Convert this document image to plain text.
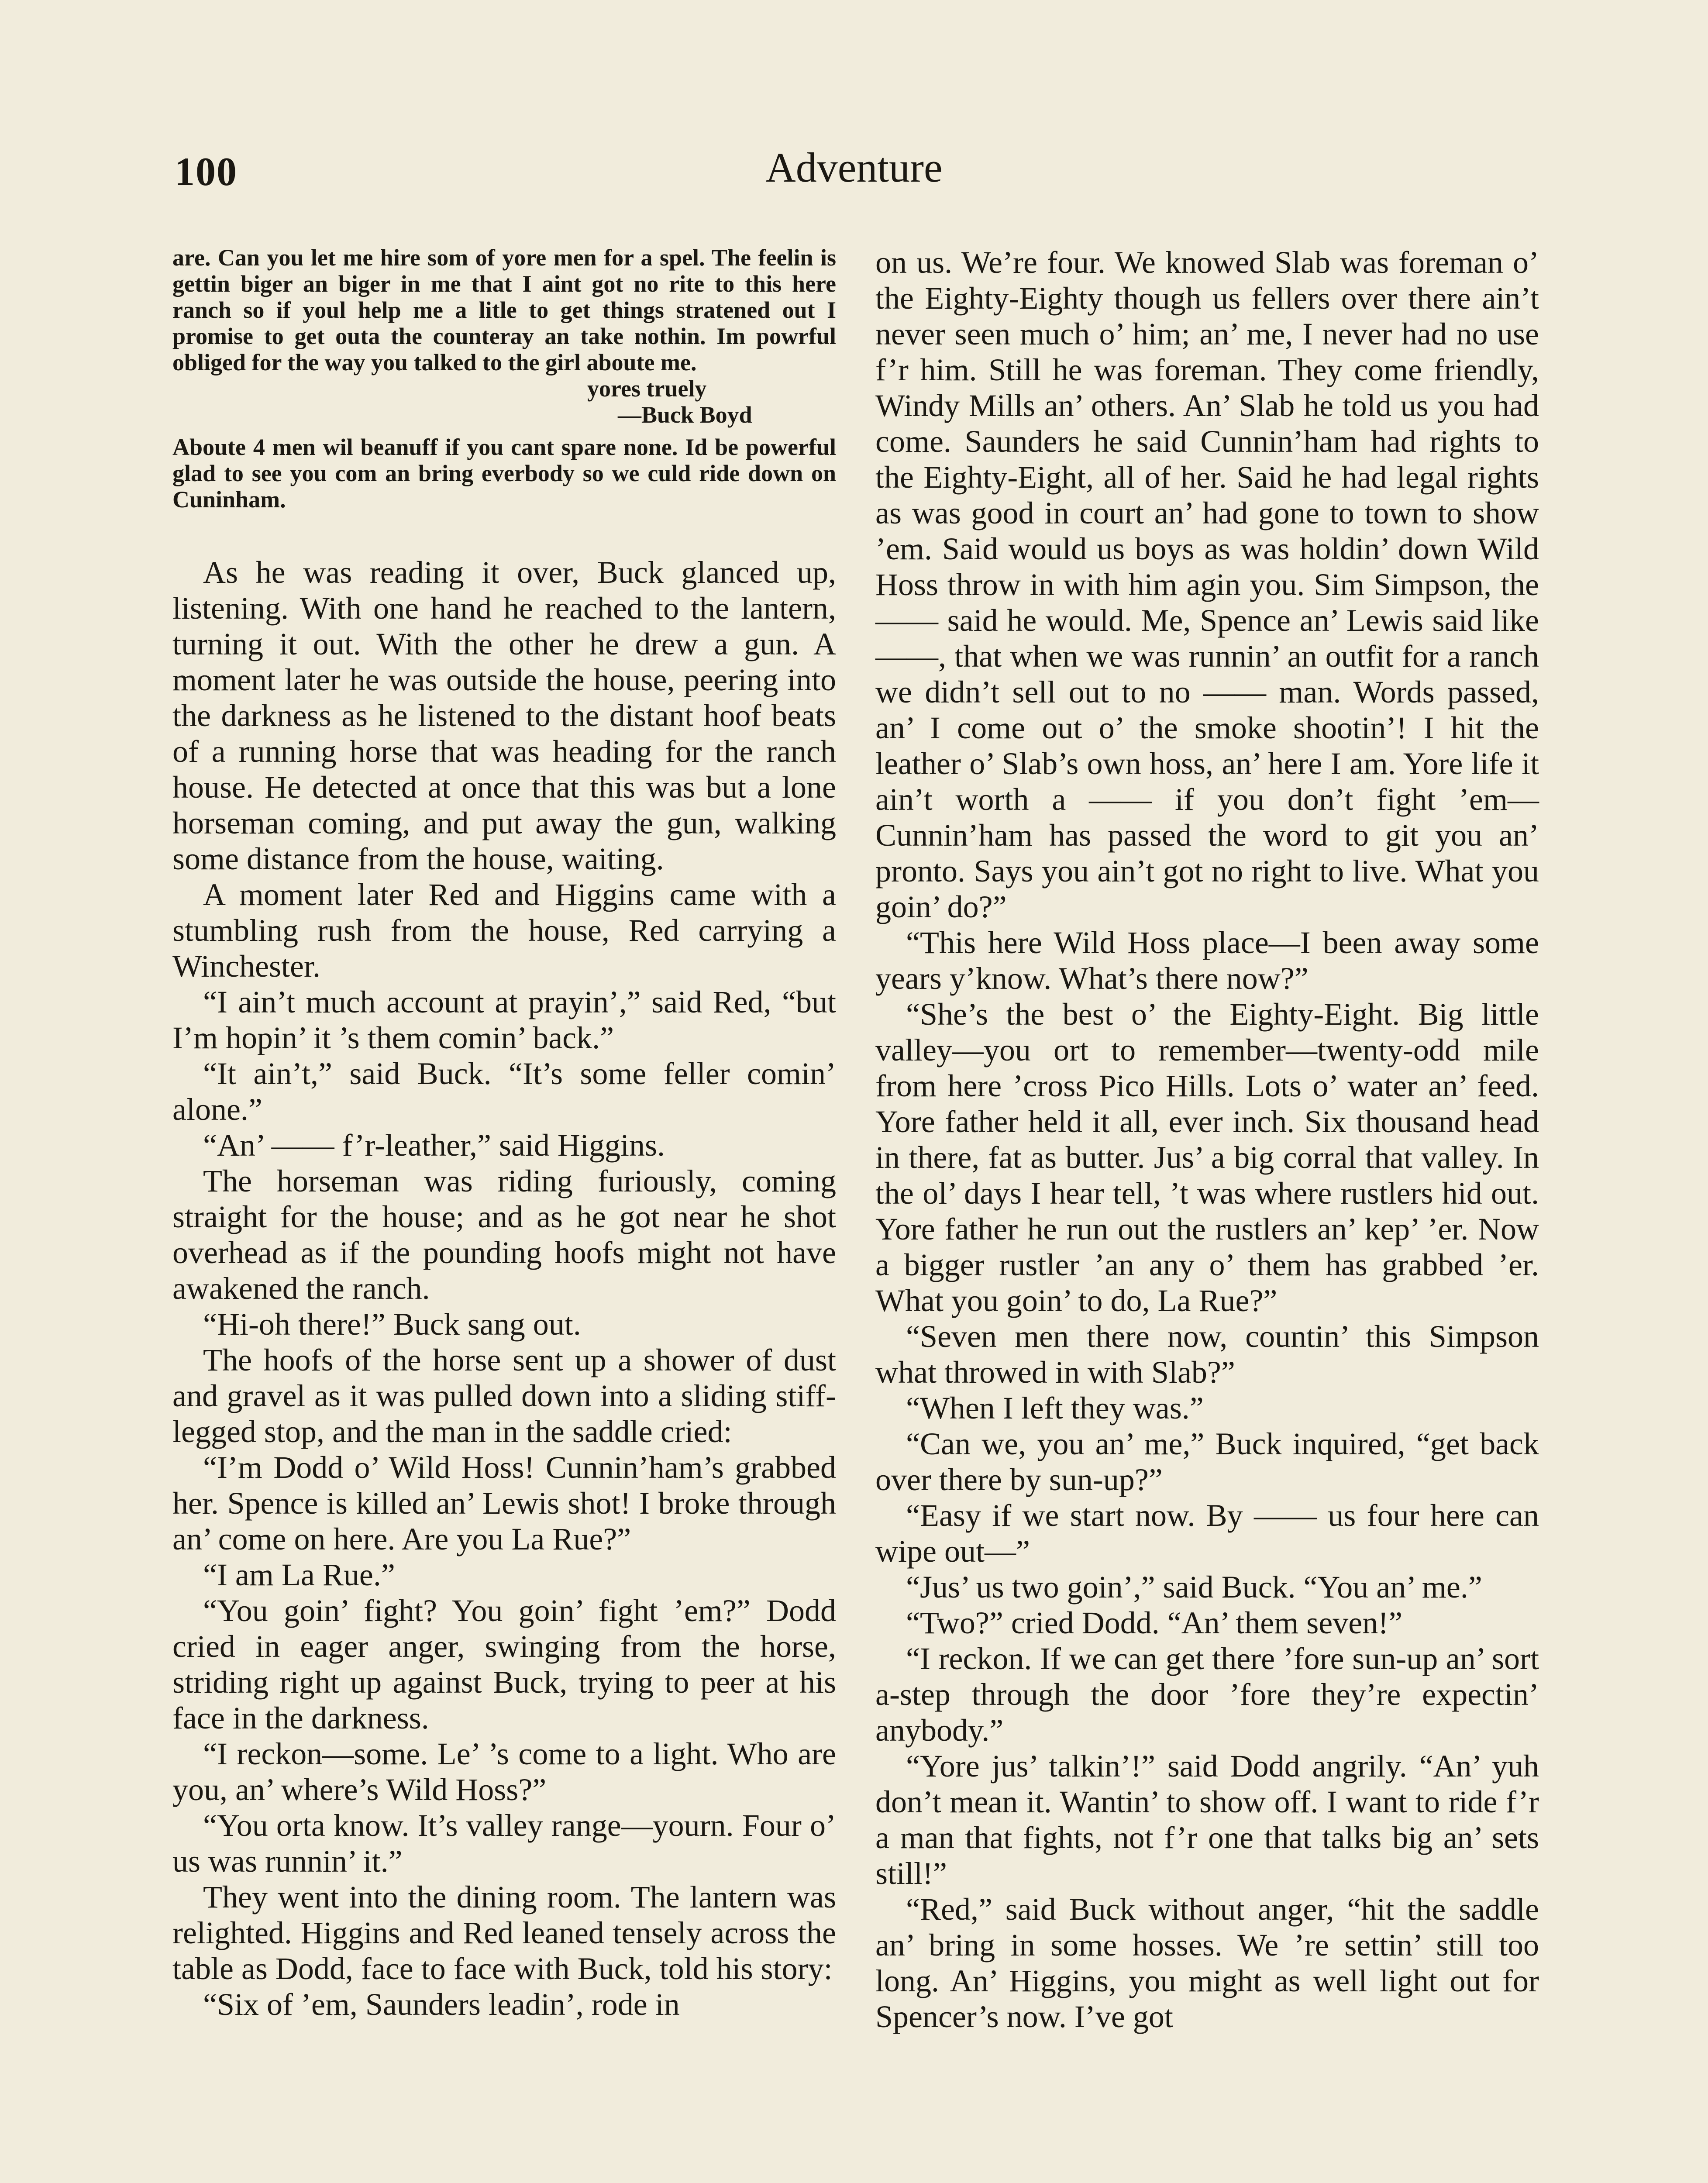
100	Adventure

are. Can you let me hire som of yore men for a spel. The feelin is gettin biger an biger in me that I aint got no rite to this here ranch so if youl help me a litle to get things stratened out I promise to get outa the counteray an take nothin. Im powrful obliged for the way you talked to the girl aboute me.

yores truely

—Buck Boyd

Aboute 4 men wil beanuff if you cant spare none. Id be powerful glad to see you com an bring everbody so we culd ride down on Cuninham.

As he was reading it over, Buck glanced up, listening. With one hand he reached to the lantern, turning it out. With the other he drew a gun. A moment later he was outside the house, peering into the darkness as he listened to the distant hoof beats of a running horse that was heading for the ranch house. He detected at once that this was but a lone horseman coming, and put away the gun, walking some distance from the house, waiting.

A moment later Red and Higgins came with a stumbling rush from the house, Red carrying a Winchester.

“I ain’t much account at prayin’,” said Red, “but I’m hopin’ it ’s them comin’ back.”

“It ain’t,” said Buck. “It’s some feller comin’ alone.”

“An’ —— f’r-leather,” said Higgins.

The horseman was riding furiously, coming straight for the house; and as he got near he shot overhead as if the pounding hoofs might not have awakened the ranch.

“Hi-oh there!” Buck sang out.

The hoofs of the horse sent up a shower of dust and gravel as it was pulled down into a sliding stiff-legged stop, and the man in the saddle cried:

“I’m Dodd o’ Wild Hoss! Cunnin’ham’s grabbed her. Spence is killed an’ Lewis shot! I broke through an’ come on here. Are you La Rue?”

“I am La Rue.”

“You goin’ fight? You goin’ fight ’em?” Dodd cried in eager anger, swinging from the horse, striding right up against Buck, trying to peer at his face in the darkness.

“I reckon—some. Le’ ’s come to a light. Who are you, an’ where’s Wild Hoss?”

“You orta know. It’s valley range—yourn. Four o’ us was runnin’ it.”

They went into the dining room. The lantern was relighted. Higgins and Red leaned tensely across the table as Dodd, face to face with Buck, told his story:

“Six of ’em, Saunders leadin’, rode in

on us. We’re four. We knowed Slab was foreman o’ the Eighty-Eighty though us fellers over there ain’t never seen much o’ him; an’ me, I never had no use f’r him. Still he was foreman. They come friendly, Windy Mills an’ others. An’ Slab he told us you had come. Saunders he said Cunnin’ham had rights to the Eighty-Eight, all of her. Said he had legal rights as was good in court an’ had gone to town to show ’em. Said would us boys as was holdin’ down Wild Hoss throw in with him agin you. Sim Simpson, the —— said he would. Me, Spence an’ Lewis said like ——, that when we was runnin’ an outfit for a ranch we didn’t sell out to no —— man. Words passed, an’ I come out o’ the smoke shootin’! I hit the leather o’ Slab’s own hoss, an’ here I am. Yore life it ain’t worth a —— if you don’t fight ’em—Cunnin’ham has passed the word to git you an’ pronto. Says you ain’t got no right to live. What you goin’ do?”

“This here Wild Hoss place—I been away some years y’know. What’s there now?”

“She’s the best o’ the Eighty-Eight. Big little valley—you ort to remember—twenty-odd mile from here ’cross Pico Hills. Lots o’ water an’ feed. Yore father held it all, ever inch. Six thousand head in there, fat as butter. Jus’ a big corral that valley. In the ol’ days I hear tell, ’t was where rustlers hid out. Yore father he run out the rustlers an’ kep’ ’er. Now a bigger rustler ’an any o’ them has grabbed ’er. What you goin’ to do, La Rue?”

“Seven men there now, countin’ this Simpson what throwed in with Slab?”

“When I left they was.”

“Can we, you an’ me,” Buck inquired, “get back over there by sun-up?”

“Easy if we start now. By —— us four here can wipe out—”

“Jus’ us two goin’,” said Buck. “You an’ me.”

“Two?” cried Dodd. “An’ them seven!”

“I reckon. If we can get there ’fore sun-up an’ sort a-step through the door ’fore they’re expectin’ anybody.”

“Yore jus’ talkin’!” said Dodd angrily. “An’ yuh don’t mean it. Wantin’ to show off. I want to ride f’r a man that fights, not f’r one that talks big an’ sets still!”

“Red,” said Buck without anger, “hit the saddle an’ bring in some hosses. We ’re settin’ still too long. An’ Higgins, you might as well light out for Spencer’s now. I’ve got
